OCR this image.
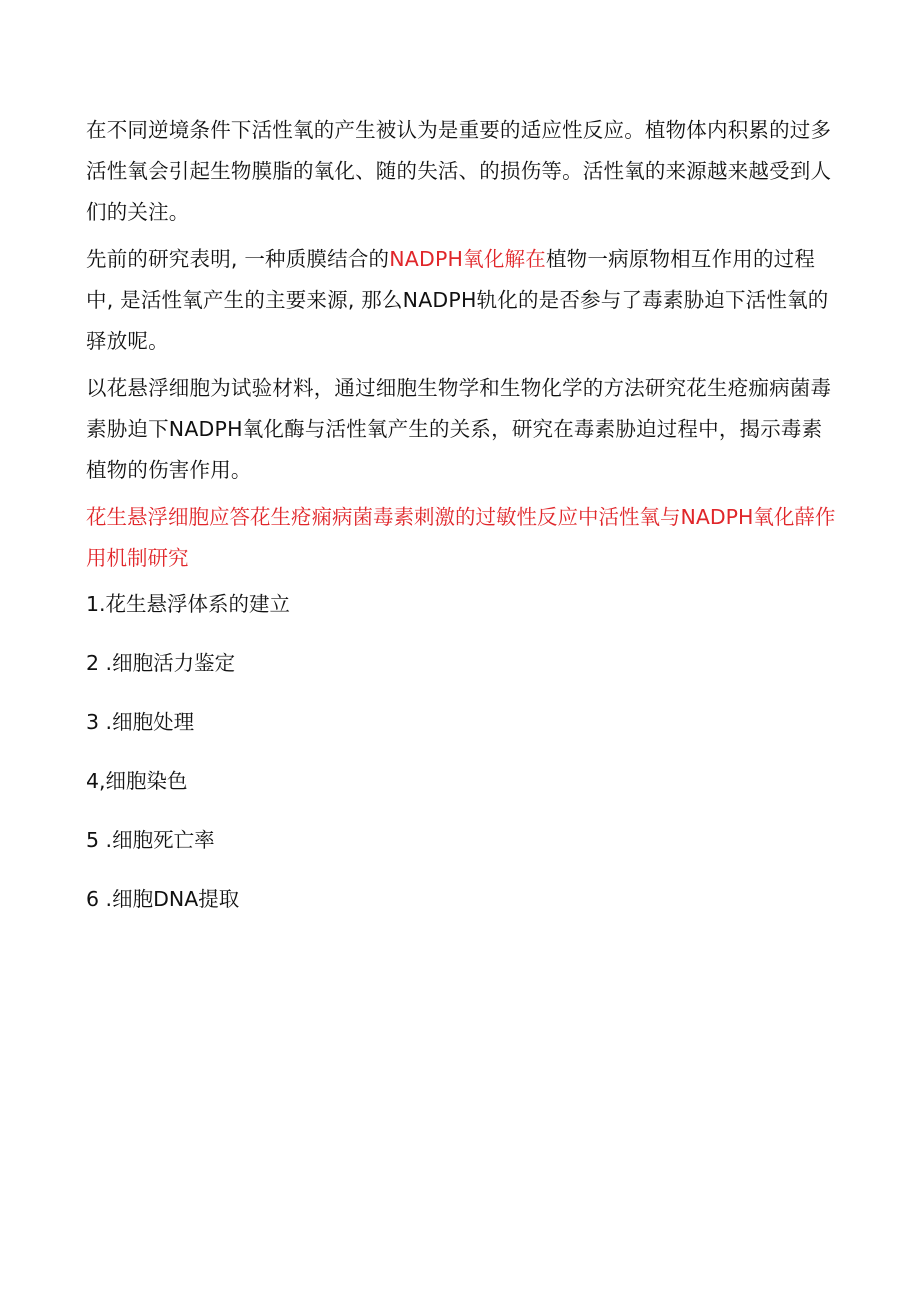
在不同逆境条件下活性氧的产生被认为是重要的适应性反应。植物体内积累的过多活性氧会引起生物膜脂的氧化、随的失活、的损伤等。活性氧的来源越来越受到人们的关注。

先前的研究表明, 一种质膜结合的NADPH氧化解在植物一病原物相互作用的过程中, 是活性氧产生的主要来源, 那么NADPH轨化的是否参与了毒素胁迫下活性氧的驿放呢。

以花悬浮细胞为试验材料，通过细胞生物学和生物化学的方法研究花生疮痂病菌毒素胁迫下NADPH氧化酶与活性氧产生的关系，研究在毒素胁迫过程中，揭示毒素植物的伤害作用。

花生悬浮细胞应答花生疮痫病菌毒素刺激的过敏性反应中活性氧与NADPH氧化薛作用机制研究

1.花生悬浮体系的建立
2 .细胞活力鉴定
3 .细胞处理
4,细胞染色
5 .细胞死亡率
6 .细胞DNA提取
